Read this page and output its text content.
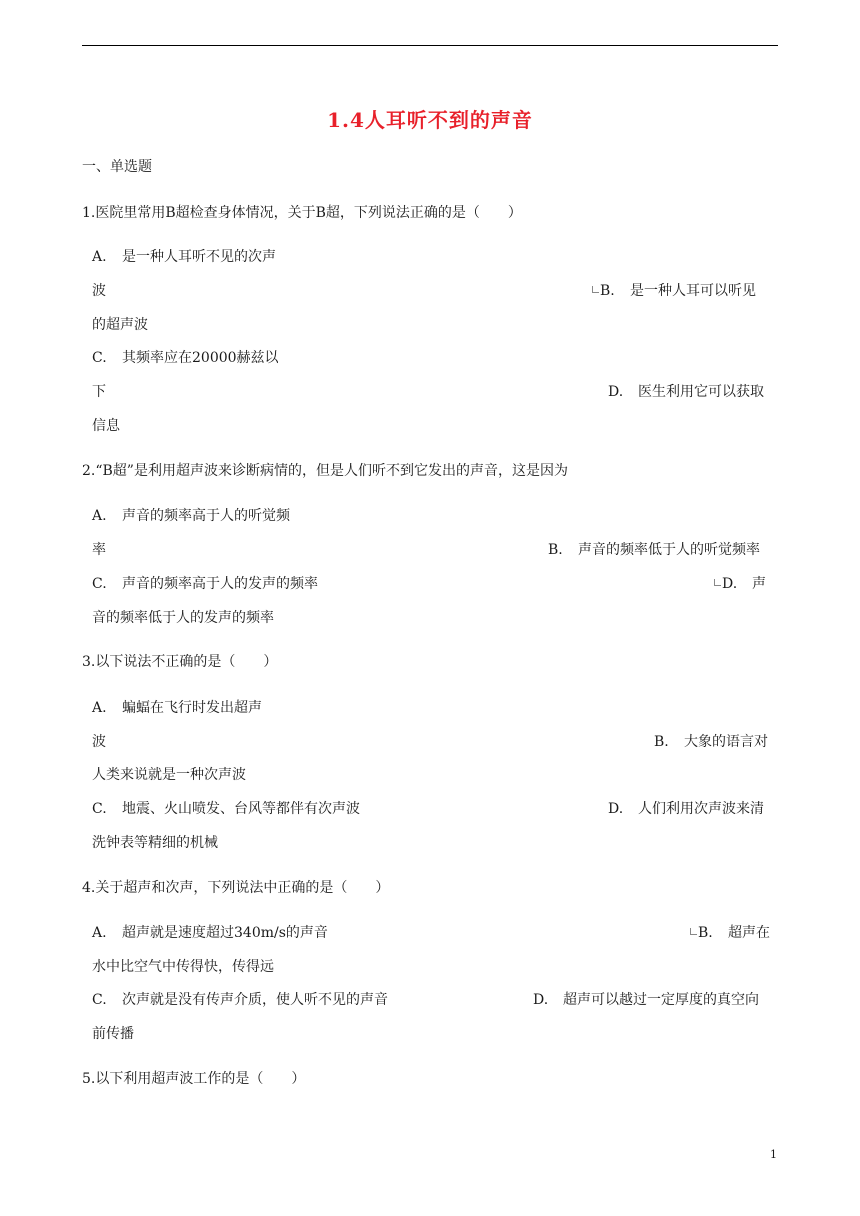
1.4人耳听不到的声音
一、单选题
1.医院里常用B超检查身体情况，关于B超，下列说法正确的是（　　）
A. 是一种人耳听不见的次声
波	B. 是一种人耳可以听见
的超声波
C. 其频率应在20000赫兹以
下	D. 医生利用它可以获取
信息
2.“B超”是利用超声波来诊断病情的，但是人们听不到它发出的声音，这是因为
A. 声音的频率高于人的听觉频
率	B. 声音的频率低于人的听觉频率
C. 声音的频率高于人的发声的频率	D. 声
音的频率低于人的发声的频率
3.以下说法不正确的是（　　）
A. 蝙蝠在飞行时发出超声
波	B. 大象的语言对
人类来说就是一种次声波
C. 地震、火山喷发、台风等都伴有次声波	D. 人们利用次声波来清
洗钟表等精细的机械
4.关于超声和次声，下列说法中正确的是（　　）
A. 超声就是速度超过340m/s的声音	B. 超声在
水中比空气中传得快，传得远
C. 次声就是没有传声介质，使人听不见的声音	D. 超声可以越过一定厚度的真空向
前传播
5.以下利用超声波工作的是（　　）
1
